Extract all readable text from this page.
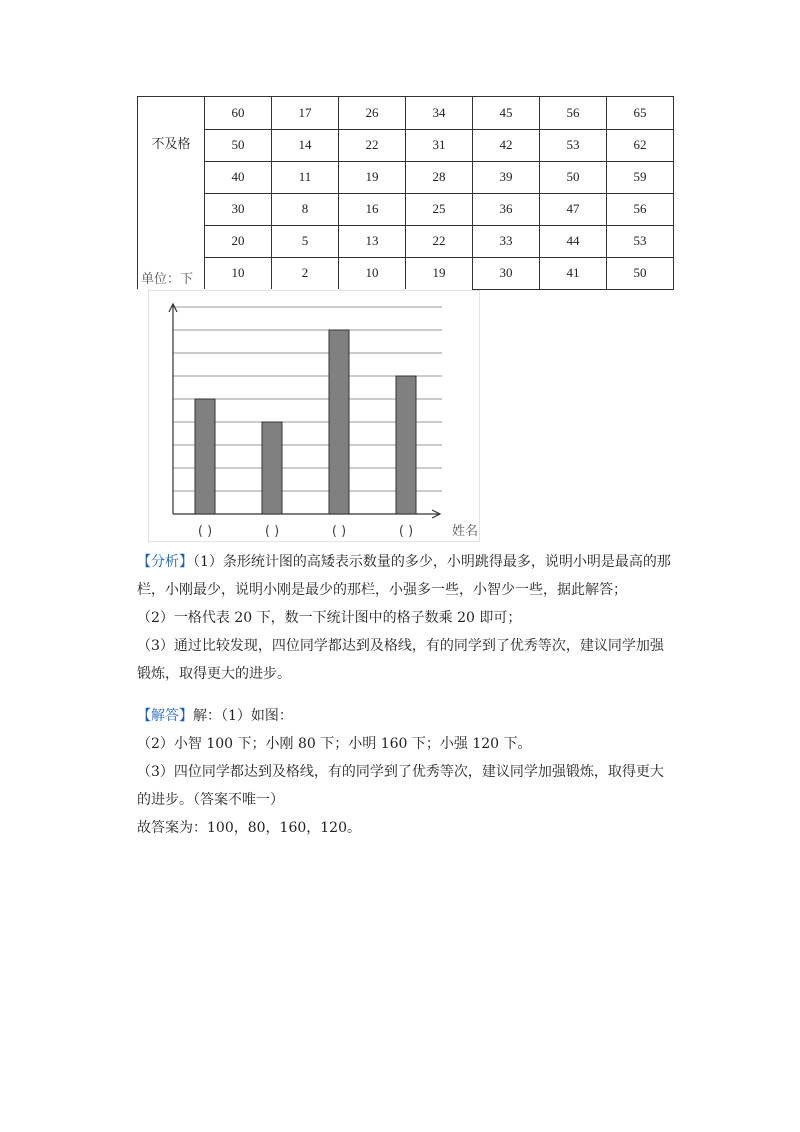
	60	17	26	34	45	56	65
不及格	50	14	22	31	42	53	62
	40	11	19	28	39	50	59
	30	8	16	25	36	47	56
	20	5	13	22	33	44	53
	10	2	10	19	30	41	50
单位：下
( )	( )	( )	( )	姓名

【分析】（1）条形统计图的高矮表示数量的多少，小明跳得最多，说明小明是最高的那栏，小刚最少，说明小刚是最少的那栏，小强多一些，小智少一些，据此解答；

（2）一格代表 20 下，数一下统计图中的格子数乘 20 即可；

（3）通过比较发现，四位同学都达到及格线，有的同学到了优秀等次，建议同学加强锻炼，取得更大的进步。

【解答】解：（1）如图：

（2）小智 100 下；小刚 80 下；小明 160 下；小强 120 下。

（3）四位同学都达到及格线，有的同学到了优秀等次，建议同学加强锻炼，取得更大的进步。（答案不唯一）

故答案为：100，80，160，120。
